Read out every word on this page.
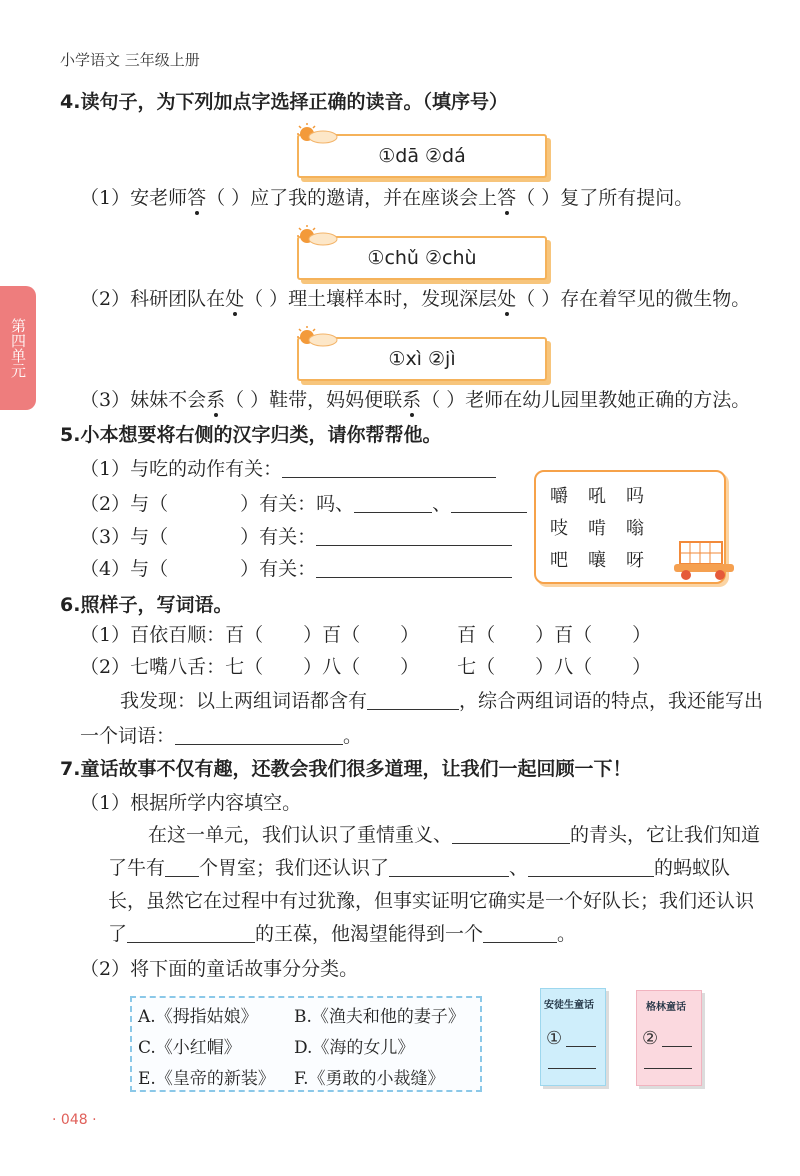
小学语文 三年级上册
第四单元
4.读句子，为下列加点字选择正确的读音。（填序号）
①dā ②dá
（1）安老师答（ ）应了我的邀请，并在座谈会上答（ ）复了所有提问。
①chǔ ②chù
（2）科研团队在处（ ）理土壤样本时，发现深层处（ ）存在着罕见的微生物。
①xì ②jì
（3）妹妹不会系（ ）鞋带，妈妈便联系（ ）老师在幼儿园里教她正确的方法。
5.小本想要将右侧的汉字归类，请你帮帮他。
（1）与吃的动作有关：
（2）与（	）有关：吗、	、
（3）与（	）有关：
（4）与（	）有关：
嚼 吼 吗
吱 啃 嗡
吧 嚷 呀
6.照样子，写词语。
（1）百依百顺：百（ ）百（ ） 百（ ）百（ ）
（2）七嘴八舌：七（ ）八（ ） 七（ ）八（ ）
我发现：以上两组词语都含有	，综合两组词语的特点，我还能写出
一个词语：	。
7.童话故事不仅有趣，还教会我们很多道理，让我们一起回顾一下！
（1）根据所学内容填空。
在这一单元，我们认识了重情重义、	的青头，它让我们知道
了牛有 个胃室；我们还认识了	、	的蚂蚁队
长，虽然它在过程中有过犹豫，但事实证明它确实是一个好队长；我们还认识
了	的王葆，他渴望能得到一个	。
（2）将下面的童话故事分分类。
A.《拇指姑娘》 B.《渔夫和他的妻子》
C.《小红帽》	D.《海的女儿》
E.《皇帝的新装》 F.《勇敢的小裁缝》
安徒生童话
①
格林童话
②
· 048 ·
